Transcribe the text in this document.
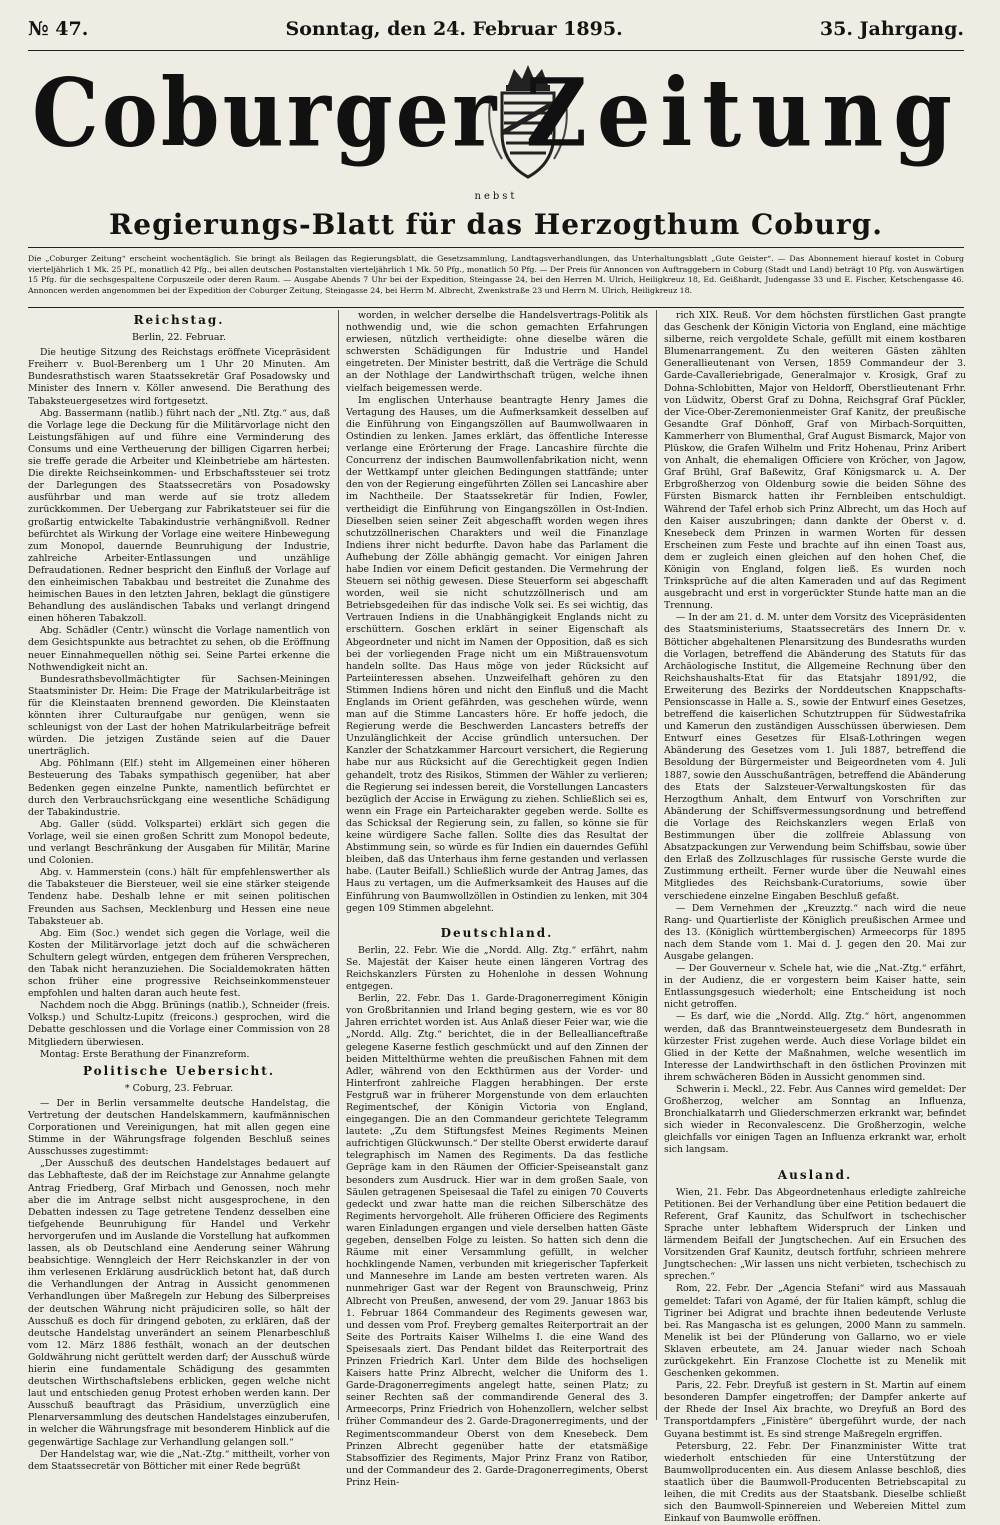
№ 47.	Sonntag, den 24. Februar 1895.	35. Jahrgang.
Coburger Zeitung
nebst
Regierungs-Blatt für das Herzogthum Coburg.
Die „Coburger Zeitung“ erscheint wochentäglich. Sie bringt als Beilagen das Regierungsblatt, die Gesetzsammlung, Landtagsverhandlungen, das Unterhaltungsblatt „Gute Geister“. — Das Abonnement hierauf kostet in Coburg vierteljährlich 1 Mk. 25 Pf., monatlich 42 Pfg., bei allen deutschen Postanstalten vierteljährlich 1 Mk. 50 Pfg., monatlich 50 Pfg. — Der Preis für Annoncen von Auftraggebern in Coburg (Stadt und Land) beträgt 10 Pfg. von Auswärtigen 15 Pfg. für die sechsgespaltene Corpuszeile oder deren Raum. — Ausgabe Abends 7 Uhr bei der Expedition, Steingasse 24, bei den Herren M. Ulrich, Heiligkreuz 18, Ed. Geißhardt, Judengasse 33 und E. Fischer, Ketschengasse 46. Annoncen werden angenommen bei der Expedition der Coburger Zeitung, Steingasse 24, bei Herrn M. Albrecht, Zwenkstraße 23 und Herrn M. Ulrich, Heiligkreuz 18.
Reichstag.
Berlin, 22. Februar.

Die heutige Sitzung des Reichstags eröffnete Vicepräsident Freiherr v. Buol-Berenberg um 1 Uhr 20 Minuten. Am Bundesrathstisch waren Staatssekretär Graf Posadowsky und Minister des Innern v. Köller anwesend. Die Berathung des Tabaksteuergesetzes wird fortgesetzt.

Abg. Bassermann (natlib.) führt nach der „Ntl. Ztg.“ aus, daß die Vorlage lege die Deckung für die Militärvorlage nicht den Leistungsfähigen auf und führe eine Verminderung des Consums und eine Vertheuerung der billigen Cigarren herbei; sie treffe gerade die Arbeiter und Kleinbetriebe am härtesten. Die direkte Reichseinkommen- und Erbschaftssteuer sei trotz der Darlegungen des Staatssecretärs von Posadowsky ausführbar und man werde auf sie trotz alledem zurückkommen. Der Uebergang zur Fabrikatsteuer sei für die großartig entwickelte Tabakindustrie verhängnißvoll. Redner befürchtet als Wirkung der Vorlage eine weitere Hinbewegung zum Monopol, dauernde Beunruhigung der Industrie, zahlreiche Arbeiter-Entlassungen und unzählige Defraudationen. Redner bespricht den Einfluß der Vorlage auf den einheimischen Tabakbau und bestreitet die Zunahme des heimischen Baues in den letzten Jahren, beklagt die günstigere Behandlung des ausländischen Tabaks und verlangt dringend einen höheren Tabakzoll.

Abg. Schädler (Centr.) wünscht die Vorlage namentlich von dem Gesichtspunkte aus betrachtet zu sehen, ob die Eröffnung neuer Einnahmequellen nöthig sei. Seine Partei erkenne die Nothwendigkeit nicht an.

Bundesrathsbevollmächtigter für Sachsen-Meiningen Staatsminister Dr. Heim: Die Frage der Matrikularbeiträge ist für die Kleinstaaten brennend geworden. Die Kleinstaaten könnten ihrer Culturaufgabe nur genügen, wenn sie schleunigst von der Last der hohen Matrikularbeiträge befreit würden. Die jetzigen Zustände seien auf die Dauer unerträglich.

Abg. Pöhlmann (Elf.) steht im Allgemeinen einer höheren Besteuerung des Tabaks sympathisch gegenüber, hat aber Bedenken gegen einzelne Punkte, namentlich befürchtet er durch den Verbrauchsrückgang eine wesentliche Schädigung der Tabakindustrie.

Abg. Galler (südd. Volkspartei) erklärt sich gegen die Vorlage, weil sie einen großen Schritt zum Monopol bedeute, und verlangt Beschränkung der Ausgaben für Militär, Marine und Colonien.

Abg. v. Hammerstein (cons.) hält für empfehlenswerther als die Tabaksteuer die Biersteuer, weil sie eine stärker steigende Tendenz habe. Deshalb lehne er mit seinen politischen Freunden aus Sachsen, Mecklenburg und Hessen eine neue Tabaksteuer ab.

Abg. Eim (Soc.) wendet sich gegen die Vorlage, weil die Kosten der Militärvorlage jetzt doch auf die schwächeren Schultern gelegt würden, entgegen dem früheren Versprechen, den Tabak nicht heranzuziehen. Die Socialdemokraten hätten schon früher eine progressive Reichseinkommensteuer empfohlen und halten daran auch heute fest.

Nachdem noch die Abgg. Brünings (natlib.), Schneider (freis. Volksp.) und Schultz-Lupitz (freicons.) gesprochen, wird die Debatte geschlossen und die Vorlage einer Commission von 28 Mitgliedern überwiesen.

Montag: Erste Berathung der Finanzreform.

Politische Uebersicht.
* Coburg, 23. Februar.

— Der in Berlin versammelte deutsche Handelstag, die Vertretung der deutschen Handelskammern, kaufmännischen Corporationen und Vereinigungen, hat mit allen gegen eine Stimme in der Währungsfrage folgenden Beschluß seines Ausschusses zugestimmt:

„Der Ausschuß des deutschen Handelstages bedauert auf das Lebhafteste, daß der im Reichstage zur Annahme gelangte Antrag Friedberg, Graf Mirbach und Genossen, noch mehr aber die im Antrage selbst nicht ausgesprochene, in den Debatten indessen zu Tage getretene Tendenz desselben eine tiefgehende Beunruhigung für Handel und Verkehr hervorgerufen und im Auslande die Vorstellung hat aufkommen lassen, als ob Deutschland eine Aenderung seiner Währung beabsichtige. Wenngleich der Herr Reichskanzler in der von ihm verlesenen Erklärung ausdrücklich betont hat, daß durch die Verhandlungen der Antrag in Aussicht genommenen Verhandlungen über Maßregeln zur Hebung des Silberpreises der deutschen Währung nicht präjudiciren solle, so hält der Ausschuß es doch für dringend geboten, zu erklären, daß der deutsche Handelstag unverändert an seinem Plenarbeschluß vom 12. März 1886 festhält, wonach an der deutschen Goldwährung nicht gerüttelt werden darf; der Ausschuß würde hierin eine fundamentale Schädigung des gesammten deutschen Wirthschaftslebens erblicken, gegen welche nicht laut und entschieden genug Protest erhoben werden kann. Der Ausschuß beauftragt das Präsidium, unverzüglich eine Plenarversammlung des deutschen Handelstages einzuberufen, in welcher die Währungsfrage mit besonderem Hinblick auf die gegenwärtige Sachlage zur Verhandlung gelangen soll.“

Der Handelstag war, wie die „Nat.-Ztg.“ mittheilt, vorher von dem Staatssecretär von Bötticher mit einer Rede begrüßt

worden, in welcher derselbe die Handelsvertrags-Politik als nothwendig und, wie die schon gemachten Erfahrungen erwiesen, nützlich vertheidigte: ohne dieselbe wären die schwersten Schädigungen für Industrie und Handel eingetreten. Der Minister bestritt, daß die Verträge die Schuld an der Nothlage der Landwirthschaft trügen, welche ihnen vielfach beigemessen werde.

Im englischen Unterhause beantragte Henry James die Vertagung des Hauses, um die Aufmerksamkeit desselben auf die Einführung von Eingangszöllen auf Baumwollwaaren in Ostindien zu lenken. James erklärt, das öffentliche Interesse verlange eine Erörterung der Frage. Lancashire fürchte die Concurrenz der indischen Baumwollenfabrikation nicht, wenn der Wettkampf unter gleichen Bedingungen stattfände; unter den von der Regierung eingeführten Zöllen sei Lancashire aber im Nachtheile. Der Staatssekretär für Indien, Fowler, vertheidigt die Einführung von Eingangszöllen in Ost-Indien. Dieselben seien seiner Zeit abgeschafft worden wegen ihres schutzzöllnerischen Charakters und weil die Finanzlage Indiens ihrer nicht bedurfte. Davon habe das Parlament die Aufhebung der Zölle abhängig gemacht. Vor einigen Jahren habe Indien vor einem Deficit gestanden. Die Vermehrung der Steuern sei nöthig gewesen. Diese Steuerform sei abgeschafft worden, weil sie nicht schutzzöllnerisch und am Betriebsgedeihen für das indische Volk sei. Es sei wichtig, das Vertrauen Indiens in die Unabhängigkeit Englands nicht zu erschüttern. Goschen erklärt in seiner Eigenschaft als Abgeordneter und nicht im Namen der Opposition, daß es sich bei der vorliegenden Frage nicht um ein Mißtrauensvotum handeln sollte. Das Haus möge von jeder Rücksicht auf Parteiinteressen absehen. Unzweifelhaft gehören zu den Stimmen Indiens hören und nicht den Einfluß und die Macht Englands im Orient gefährden, was geschehen würde, wenn man auf die Stimme Lancasters höre. Er hoffe jedoch, die Regierung werde die Beschwerden Lancasters betreffs der Unzulänglichkeit der Accise gründlich untersuchen. Der Kanzler der Schatzkammer Harcourt versichert, die Regierung habe nur aus Rücksicht auf die Gerechtigkeit gegen Indien gehandelt, trotz des Risikos, Stimmen der Wähler zu verlieren; die Regierung sei indessen bereit, die Vorstellungen Lancasters bezüglich der Accise in Erwägung zu ziehen. Schließlich sei es, wenn ein Frage ein Parteicharakter gegeben werde. Sollte es das Schicksal der Regierung sein, zu fallen, so könne sie für keine würdigere Sache fallen. Sollte dies das Resultat der Abstimmung sein, so würde es für Indien ein dauerndes Gefühl bleiben, daß das Unterhaus ihm ferne gestanden und verlassen habe. (Lauter Beifall.) Schließlich wurde der Antrag James, das Haus zu vertagen, um die Aufmerksamkeit des Hauses auf die Einführung von Baumwollzöllen in Ostindien zu lenken, mit 304 gegen 109 Stimmen abgelehnt.

Deutschland.

Berlin, 22. Febr. Wie die „Nordd. Allg. Ztg.“ erfährt, nahm Se. Majestät der Kaiser heute einen längeren Vortrag des Reichskanzlers Fürsten zu Hohenlohe in dessen Wohnung entgegen.

Berlin, 22. Febr. Das 1. Garde-Dragonerregiment Königin von Großbritannien und Irland beging gestern, wie es vor 80 Jahren errichtet worden ist. Aus Anlaß dieser Feier war, wie die „Nordd. Allg. Ztg.“ berichtet, die in der Belleallianceftraße gelegene Kaserne festlich geschmückt und auf den Zinnen der beiden Mittelthürme wehten die preußischen Fahnen mit dem Adler, während von den Eckthürmen aus der Vorder- und Hinterfront zahlreiche Flaggen herabhingen. Der erste Festgruß war in früherer Morgenstunde von dem erlauchten Regimentschef, der Königin Victoria von England, eingegangen. Die an den Commandeur gerichtete Telegramm lautete: „Zu dem Stiftungsfest Meines Regiments Meinen aufrichtigen Glückwunsch.“ Der stellte Oberst erwiderte darauf telegraphisch im Namen des Regiments. Da das festliche Gepräge kam in den Räumen der Officier-Speiseanstalt ganz besonders zum Ausdruck. Hier war in dem großen Saale, von Säulen getragenen Speisesaal die Tafel zu einigen 70 Couverts gedeckt und zwar hatte man die reichen Silberschätze des Regiments hervorgeholt. Alle früheren Officiere des Regiments waren Einladungen ergangen und viele derselben hatten Gäste gegeben, denselben Folge zu leisten. So hatten sich denn die Räume mit einer Versammlung gefüllt, in welcher hochklingende Namen, verbunden mit kriegerischer Tapferkeit und Mannesehre im Lande am besten vertreten waren. Als nunmehriger Gast war der Regent von Braunschweig, Prinz Albrecht von Preußen, anwesend, der vom 29. Januar 1863 bis 1. Februar 1864 Commandeur des Regiments gewesen war, und dessen vom Prof. Freyberg gemaltes Reiterportrait an der Seite des Portraits Kaiser Wilhelms I. die eine Wand des Speisesaals ziert. Das Pendant bildet das Reiterportrait des Prinzen Friedrich Karl. Unter dem Bilde des hochseligen Kaisers hatte Prinz Albrecht, welcher die Uniform des 1. Garde-Dragonerregiments angelegt hatte, seinen Platz; zu seiner Rechten saß der commandirende General des 3. Armeecorps, Prinz Friedrich von Hohenzollern, welcher selbst früher Commandeur des 2. Garde-Dragonerregiments, und der Regimentscommandeur Oberst von dem Knesebeck. Dem Prinzen Albrecht gegenüber hatte der etatsmäßige Stabsoffizier des Regiments, Major Prinz Franz von Ratibor, und der Commandeur des 2. Garde-Dragonerregiments, Oberst Prinz Hein-

rich XIX. Reuß. Vor dem höchsten fürstlichen Gast prangte das Geschenk der Königin Victoria von England, eine mächtige silberne, reich vergoldete Schale, gefüllt mit einem kostbaren Blumenarrangement. Zu den weiteren Gästen zählten Generallieutenant von Versen, 1859 Commandeur der 3. Garde-Cavalleriebrigade, Generalmajor v. Krosigk, Graf zu Dohna-Schlobitten, Major von Heldorff, Oberstlieutenant Frhr. von Lüdwitz, Oberst Graf zu Dohna, Reichsgraf Graf Pückler, der Vice-Ober-Zeremonienmeister Graf Kanitz, der preußische Gesandte Graf Dönhoff, Graf von Mirbach-Sorquitten, Kammerherr von Blumenthal, Graf August Bismarck, Major von Plüskow, die Grafen Wilhelm und Fritz Hohenau, Prinz Aribert von Anhalt, die ehemaligen Officiere von Kröcher, von Jagow, Graf Brühl, Graf Baßewitz, Graf Königsmarck u. A. Der Erbgroßherzog von Oldenburg sowie die beiden Söhne des Fürsten Bismarck hatten ihr Fernbleiben entschuldigt. Während der Tafel erhob sich Prinz Albrecht, um das Hoch auf den Kaiser auszubringen; dann dankte der Oberst v. d. Knesebeck dem Prinzen in warmen Worten für dessen Erscheinen zum Feste und brachte auf ihn einen Toast aus, dem er zugleich einen gleichen auf den hohen Chef, die Königin von England, folgen ließ. Es wurden noch Trinksprüche auf die alten Kameraden und auf das Regiment ausgebracht und erst in vorgerückter Stunde hatte man an die Trennung.

— In der am 21. d. M. unter dem Vorsitz des Vicepräsidenten des Staatsministeriums, Staatssecretärs des Innern Dr. v. Bötticher abgehaltenen Plenarsitzung des Bundesraths wurden die Vorlagen, betreffend die Abänderung des Statuts für das Archäologische Institut, die Allgemeine Rechnung über den Reichshaushalts-Etat für das Etatsjahr 1891/92, die Erweiterung des Bezirks der Norddeutschen Knappschafts-Pensionscasse in Halle a. S., sowie der Entwurf eines Gesetzes, betreffend die kaiserlichen Schutztruppen für Südwestafrika und Kamerun den zuständigen Ausschüssen überwiesen. Dem Entwurf eines Gesetzes für Elsaß-Lothringen wegen Abänderung des Gesetzes vom 1. Juli 1887, betreffend die Besoldung der Bürgermeister und Beigeordneten vom 4. Juli 1887, sowie den Ausschußanträgen, betreffend die Abänderung des Etats der Salzsteuer-Verwaltungskosten für das Herzogthum Anhalt, dem Entwurf von Vorschriften zur Abänderung der Schiffsvermessungsordnung und betreffend die Vorlage des Reichskanzlers wegen Erlaß von Bestimmungen über die zollfreie Ablassung von Absatzpackungen zur Verwendung beim Schiffsbau, sowie über den Erlaß des Zollzuschlages für russische Gerste wurde die Zustimmung ertheilt. Ferner wurde über die Neuwahl eines Mitgliedes des Reichsbank-Curatoriums, sowie über verschiedene einzelne Eingaben Beschluß gefaßt.

— Dem Vernehmen der „Kreuzztg.“ nach wird die neue Rang- und Quartierliste der Königlich preußischen Armee und des 13. (Königlich württembergischen) Armeecorps für 1895 nach dem Stande vom 1. Mai d. J. gegen den 20. Mai zur Ausgabe gelangen.

— Der Gouverneur v. Schele hat, wie die „Nat.-Ztg.“ erfährt, in der Audienz, die er vorgestern beim Kaiser hatte, sein Entlassungsgesuch wiederholt; eine Entscheidung ist noch nicht getroffen.

— Es darf, wie die „Nordd. Allg. Ztg.“ hört, angenommen werden, daß das Branntweinsteuergesetz dem Bundesrath in kürzester Frist zugehen werde. Auch diese Vorlage bildet ein Glied in der Kette der Maßnahmen, welche wesentlich im Interesse der Landwirthschaft in den östlichen Provinzen mit ihrem schwächeren Böden in Aussicht genommen sind.

Schwerin i. Meckl., 22. Febr. Aus Cannes wird gemeldet: Der Großherzog, welcher am Sonntag an Influenza, Bronchialkatarrh und Gliederschmerzen erkrankt war, befindet sich wieder in Reconvalescenz. Die Großherzogin, welche gleichfalls vor einigen Tagen an Influenza erkrankt war, erholt sich langsam.

Ausland.

Wien, 21. Febr. Das Abgeordnetenhaus erledigte zahlreiche Petitionen. Bei der Verhandlung über eine Petition bedauert die Referent, Graf Kaunitz, das Schulfwort in tschechischer Sprache unter lebhaftem Widerspruch der Linken und lärmendem Beifall der Jungtschechen. Auf ein Ersuchen des Vorsitzenden Graf Kaunitz, deutsch fortfuhr, schrieen mehrere Jungtschechen: „Wir lassen uns nicht verbieten, tschechisch zu sprechen.“

Rom, 22. Febr. Der „Agencia Stefani“ wird aus Massauah gemeldet: Tafari von Agamé, der für Italien kämpft, schlug die Tigriner bei Adigrat und brachte ihnen bedeutende Verluste bei. Ras Mangascha ist es gelungen, 2000 Mann zu sammeln. Menelik ist bei der Plünderung von Gallarno, wo er viele Sklaven erbeutete, am 24. Januar wieder nach Schoah zurückgekehrt. Ein Franzose Clochette ist zu Menelik mit Geschenken gekommen.

Paris, 22. Febr. Dreyfuß ist gestern in St. Martin auf einem besonderen Dampfer eingetroffen; der Dampfer ankerte auf der Rhede der Insel Aix brachte, wo Dreyfuß an Bord des Transportdampfers „Finistère“ übergeführt wurde, der nach Guyana bestimmt ist. Es sind strenge Maßregeln ergriffen.

Petersburg, 22. Febr. Der Finanzminister Witte trat wiederholt entschieden für eine Unterstützung der Baumwollproducenten ein. Aus diesem Anlasse beschloß, dies staatlich über die Baumwoll-Producenten Betriebscapital zu leihen, die mit Credits aus der Staatsbank. Dieselbe schließt sich den Baumwoll-Spinnereien und Webereien Mittel zum Einkauf von Baumwolle eröffnen.
